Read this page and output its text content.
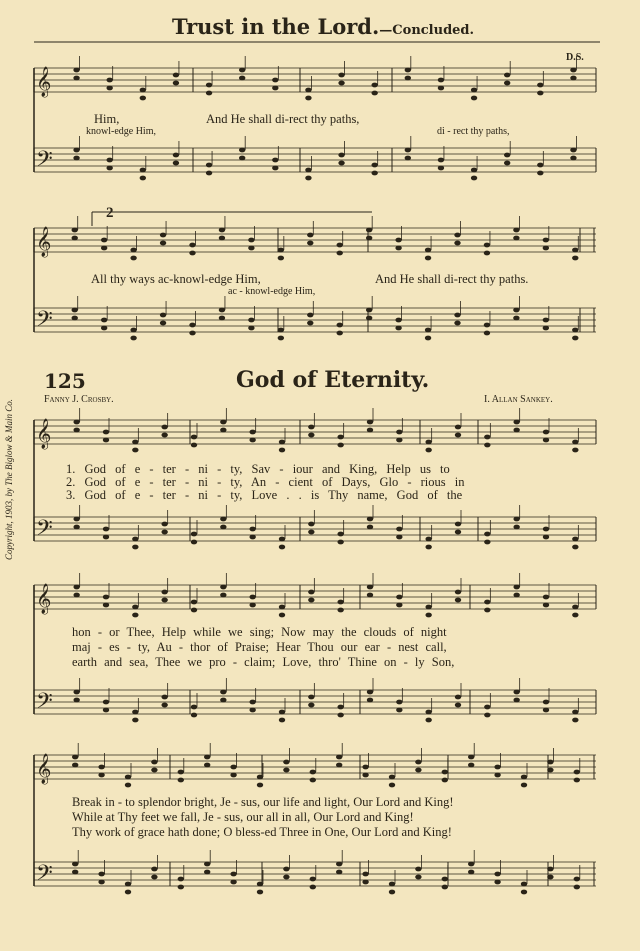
Trust in the Lord.—Concluded.
𝄞
𝄢
𝄞
𝄢
𝄞
𝄢
𝄞
𝄢
𝄞
𝄢
D.S.
Him,	And He shall di-rect thy paths,
knowl-edge Him,	di - rect thy paths,
2
All thy ways ac-knowl-edge Him,	And He shall di-rect thy paths.
ac - knowl-edge Him,
125	God of Eternity.
Fanny J. Crosby.	I. Allan Sankey.
1. God of e - ter - ni - ty, Sav - iour and King, Help us to
2. God of e - ter - ni - ty, An - cient of Days, Glo - rious in
3. God of e - ter - ni - ty, Love . . is Thy name, God of the
hon - or Thee, Help while we sing; Now may the clouds of night
maj - es - ty, Au - thor of Praise; Hear Thou our ear - nest call,
earth and sea, Thee we pro - claim; Love, thro' Thine on - ly Son,
Break in - to splendor bright, Je - sus, our life and light, Our Lord and King!
While at Thy feet we fall, Je - sus, our all in all, Our Lord and King!
Thy work of grace hath done; O bless-ed Three in One, Our Lord and King!
Copyright, 1903, by The Biglow & Main Co.
